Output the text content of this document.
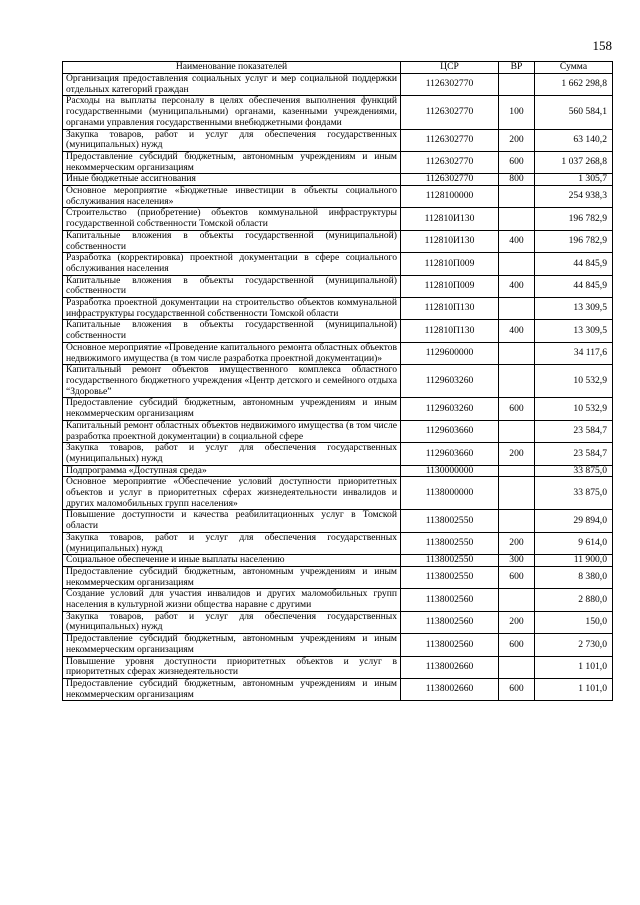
158
Наименование показателей	ЦСР	ВР	Сумма
Организация предоставления социальных услуг и мер социальной поддержки отдельных категорий граждан	1126302770		1 662 298,8
Расходы на выплаты персоналу в целях обеспечения выполнения функций государственными (муниципальными) органами, казенными учреждениями, органами управления государственными внебюджетными фондами	1126302770	100	560 584,1
Закупка товаров, работ и услуг для обеспечения государственных (муниципальных) нужд	1126302770	200	63 140,2
Предоставление субсидий бюджетным, автономным учреждениям и иным некоммерческим организациям	1126302770	600	1 037 268,8
Иные бюджетные ассигнования	1126302770	800	1 305,7
Основное мероприятие «Бюджетные инвестиции в объекты социального обслуживания населения»	1128100000		254 938,3
Строительство (приобретение) объектов коммунальной инфраструктуры государственной собственности Томской области	112810И130		196 782,9
Капитальные вложения в объекты государственной (муниципальной) собственности	112810И130	400	196 782,9
Разработка (корректировка) проектной документации в сфере социального обслуживания населения	112810П009		44 845,9
Капитальные вложения в объекты государственной (муниципальной) собственности	112810П009	400	44 845,9
Разработка проектной документации на строительство объектов коммунальной инфраструктуры государственной собственности Томской области	112810П130		13 309,5
Капитальные вложения в объекты государственной (муниципальной) собственности	112810П130	400	13 309,5
Основное мероприятие «Проведение капитального ремонта областных объектов недвижимого имущества (в том числе разработка проектной документации)»	1129600000		34 117,6
Капитальный ремонт объектов имущественного комплекса областного государственного бюджетного учреждения «Центр детского и семейного отдыха “Здоровье”	1129603260		10 532,9
Предоставление субсидий бюджетным, автономным учреждениям и иным некоммерческим организациям	1129603260	600	10 532,9
Капитальный ремонт областных объектов недвижимого имущества (в том числе разработка проектной документации) в социальной сфере	1129603660		23 584,7
Закупка товаров, работ и услуг для обеспечения государственных (муниципальных) нужд	1129603660	200	23 584,7
Подпрограмма «Доступная среда»	1130000000		33 875,0
Основное мероприятие «Обеспечение условий доступности приоритетных объектов и услуг в приоритетных сферах жизнедеятельности инвалидов и других маломобильных групп населения»	1138000000		33 875,0
Повышение доступности и качества реабилитационных услуг в Томской области	1138002550		29 894,0
Закупка товаров, работ и услуг для обеспечения государственных (муниципальных) нужд	1138002550	200	9 614,0
Социальное обеспечение и иные выплаты населению	1138002550	300	11 900,0
Предоставление субсидий бюджетным, автономным учреждениям и иным некоммерческим организациям	1138002550	600	8 380,0
Создание условий для участия инвалидов и других маломобильных групп населения в культурной жизни общества наравне с другими	1138002560		2 880,0
Закупка товаров, работ и услуг для обеспечения государственных (муниципальных) нужд	1138002560	200	150,0
Предоставление субсидий бюджетным, автономным учреждениям и иным некоммерческим организациям	1138002560	600	2 730,0
Повышение уровня доступности приоритетных объектов и услуг в приоритетных сферах жизнедеятельности	1138002660		1 101,0
Предоставление субсидий бюджетным, автономным учреждениям и иным некоммерческим организациям	1138002660	600	1 101,0
